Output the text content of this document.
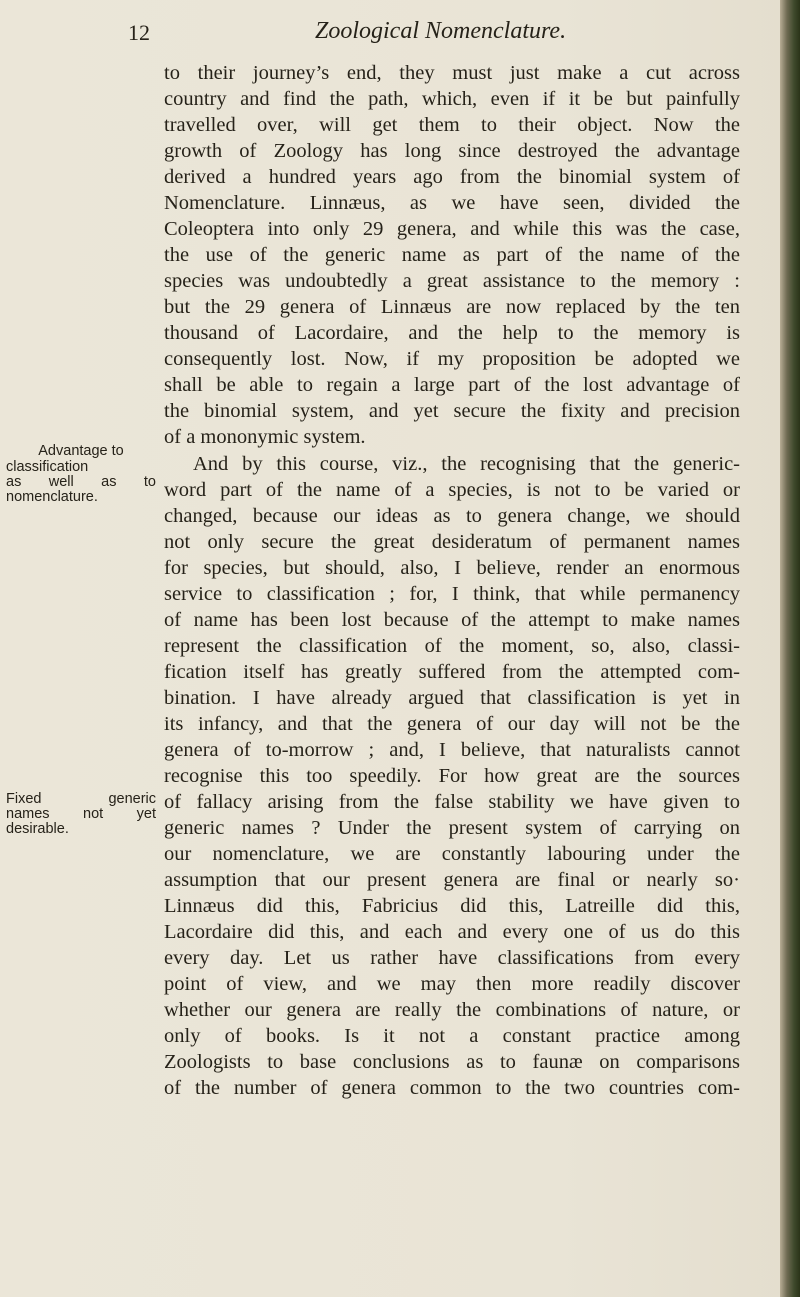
12	Zoological Nomenclature.
to their journey’s end, they must just make a cut across
country and find the path, which, even if it be but painfully
travelled over, will get them to their object. Now the
growth of Zoology has long since destroyed the advantage
derived a hundred years ago from the binomial system of
Nomenclature. Linnæus, as we have seen, divided the
Coleoptera into only 29 genera, and while this was the case,
the use of the generic name as part of the name of the
species was undoubtedly a great assistance to the memory :
but the 29 genera of Linnæus are now replaced by the ten
thousand of Lacordaire, and the help to the memory is
consequently lost. Now, if my proposition be adopted we
shall be able to regain a large part of the lost advantage of
the binomial system, and yet secure the fixity and precision
of a mononymic system.
And by this course, viz., the recognising that the generic-
word part of the name of a species, is not to be varied or
changed, because our ideas as to genera change, we should
not only secure the great desideratum of permanent names
for species, but should, also, I believe, render an enormous
service to classification ; for, I think, that while permanency
of name has been lost because of the attempt to make names
represent the classification of the moment, so, also, classi-
fication itself has greatly suffered from the attempted com-
bination. I have already argued that classification is yet in
its infancy, and that the genera of our day will not be the
genera of to-morrow ; and, I believe, that naturalists cannot
recognise this too speedily. For how great are the sources
of fallacy arising from the false stability we have given to
generic names ? Under the present system of carrying on
our nomenclature, we are constantly labouring under the
assumption that our present genera are final or nearly so·
Linnæus did this, Fabricius did this, Latreille did this,
Lacordaire did this, and each and every one of us do this
every day. Let us rather have classifications from every
point of view, and we may then more readily discover
whether our genera are really the combinations of nature, or
only of books. Is it not a constant practice among
Zoologists to base conclusions as to faunæ on comparisons
of the number of genera common to the two countries com-
Advantage to
classification
as well as to
nomenclature.
Fixed generic
names not yet
desirable.
